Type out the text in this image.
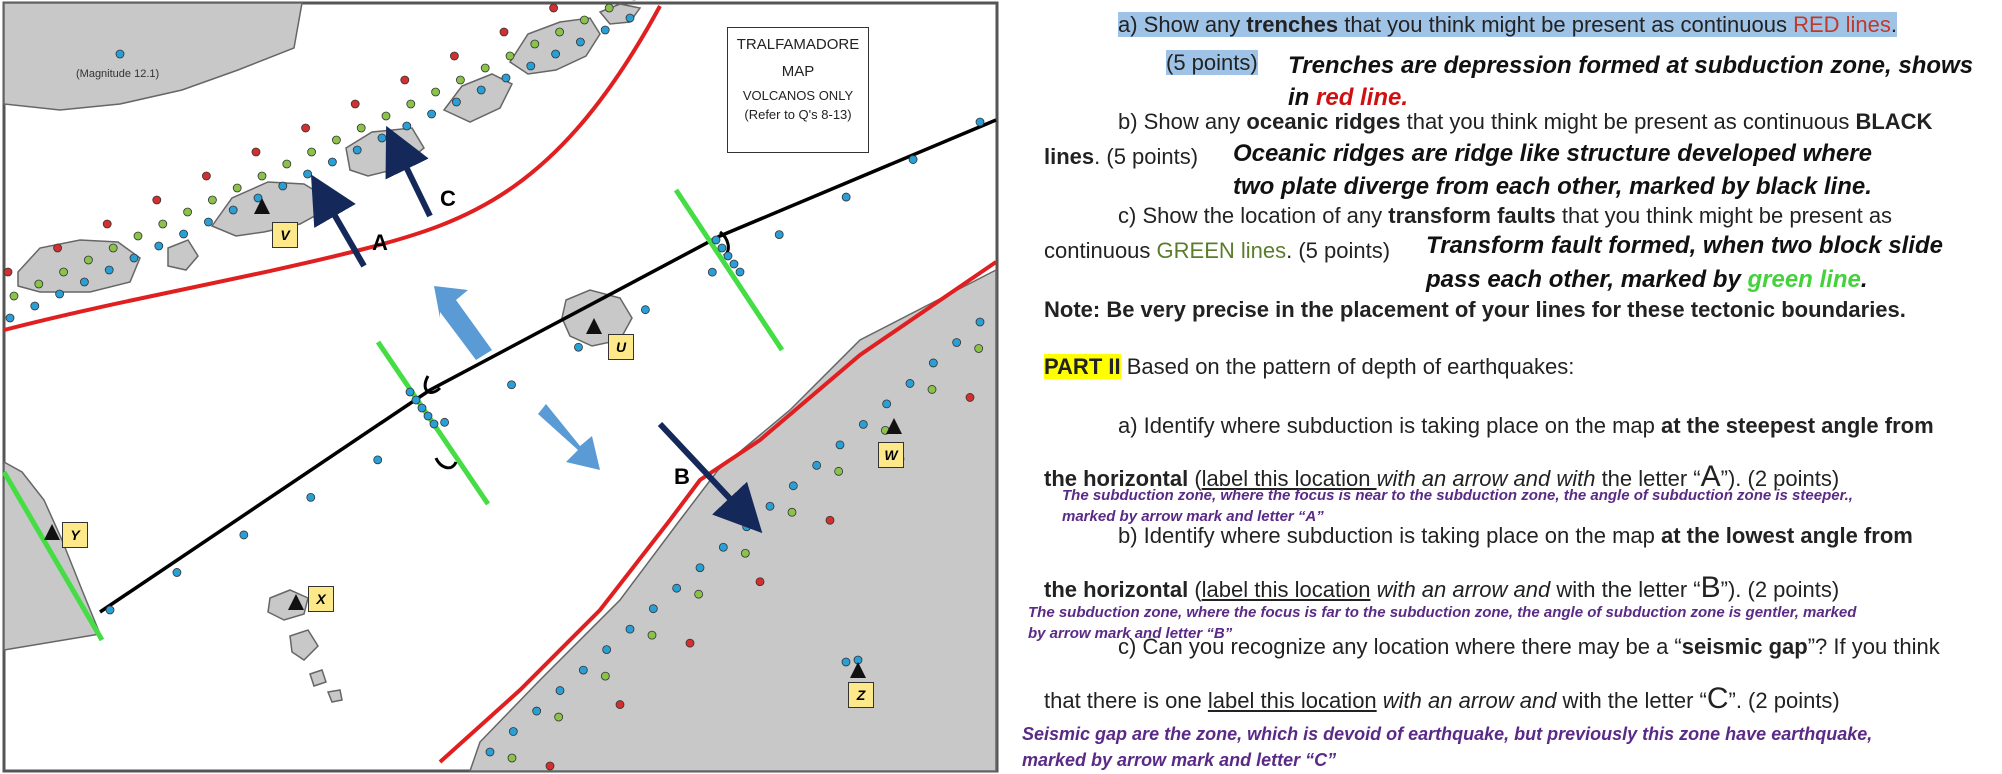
TRALFAMADORE
MAP
VOLCANOS ONLY
(Refer to Q's 8-13)
(Magnitude 12.1)
V
U
W
Y
X
Z
A
B
C
a) Show any trenches that you think might be present as continuous RED lines.
(5 points) Trenches are depression formed at subduction zone, shows
in red line.
b) Show any oceanic ridges that you think might be present as continuous BLACK
lines. (5 points) Oceanic ridges are ridge like structure developed where
two plate diverge from each other, marked by black line.
c) Show the location of any transform faults that you think might be present as
continuous GREEN lines. (5 points) Transform fault formed, when two block slide
pass each other, marked by green line.
Note: Be very precise in the placement of your lines for these tectonic boundaries.
PART II Based on the pattern of depth of earthquakes:
a) Identify where subduction is taking place on the map at the steepest angle from
the horizontal (label this location with an arrow and with the letter “A”). (2 points)
The subduction zone, where the focus is near to the subduction zone, the angle of subduction zone is steeper.,
marked by arrow mark and letter “A”
b) Identify where subduction is taking place on the map at the lowest angle from
the horizontal (label this location with an arrow and with the letter “B”). (2 points)
The subduction zone, where the focus is far to the subduction zone, the angle of subduction zone is gentler, marked
by arrow mark and letter “B”
c) Can you recognize any location where there may be a “seismic gap”? If you think
that there is one label this location with an arrow and with the letter “C”. (2 points)
Seismic gap are the zone, which is devoid of earthquake, but previously this zone have earthquake,
marked by arrow mark and letter “C”
